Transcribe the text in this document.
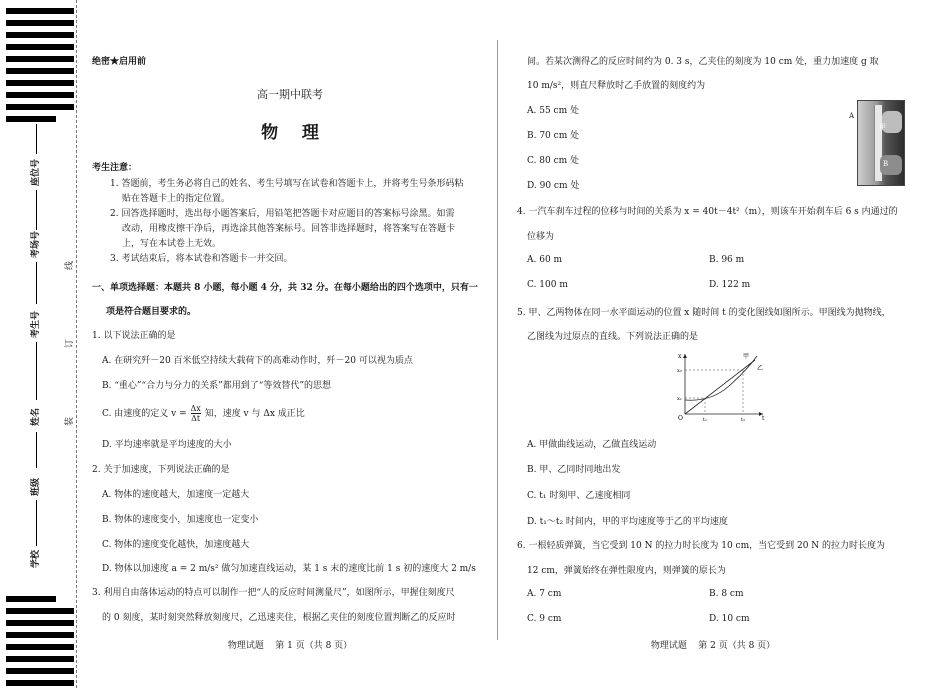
座位号
考场号
考生号
姓名
班级
学校
线
订
装
绝密★启用前
高一期中联考
物    理
考生注意：
1. 答题前，考生务必将自己的姓名、考生号填写在试卷和答题卡上，并将考生号条形码粘
贴在答题卡上的指定位置。
2. 回答选择题时，选出每小题答案后，用铅笔把答题卡对应题目的答案标号涂黑。如需
改动，用橡皮擦干净后，再选涂其他答案标号。回答非选择题时，将答案写在答题卡
上，写在本试卷上无效。
3. 考试结束后，将本试卷和答题卡一并交回。
一、单项选择题：本题共 8 小题，每小题 4 分，共 32 分。在每小题给出的四个选项中，只有一
项是符合题目要求的。
1. 以下说法正确的是
A. 在研究歼－20 百米低空持续大载荷下的高难动作时，歼－20 可以视为质点
B. “重心”“合力与分力的关系”都用到了“等效替代”的思想
C. 由速度的定义 $v = \frac{\Delta x}{\Delta t}$ 知，速度 v 与 Δx 成正比
D. 平均速率就是平均速度的大小
2. 关于加速度，下列说法正确的是
A. 物体的速度越大，加速度一定越大
B. 物体的速度变小，加速度也一定变小
C. 物体的速度变化越快，加速度越大
D. 物体以加速度 a = 2 m/s² 做匀加速直线运动，某 1 s 末的速度比前 1 s 初的速度大 2 m/s
3. 利用自由落体运动的特点可以制作一把“人的反应时间测量尺”，如图所示，甲握住刻度尺
的 0 刻度，某时刻突然释放刻度尺，乙迅速夹住，根据乙夹住的刻度位置判断乙的反应时
物理试题    第 1 页（共 8 页）
间。若某次测得乙的反应时间约为 0. 3 s，乙夹住的刻度为 10 cm 处，重力加速度 g 取
10 m/s²，则直尺释放时乙手放置的刻度约为
A. 55 cm 处
B. 70 cm 处
C. 80 cm 处
D. 90 cm 处
A
甲
B
4. 一汽车刹车过程的位移与时间的关系为 x = 40t－4t²（m），则该车开始刹车后 6 s 内通过的
位移为
A. 60 m	B. 96 m
C. 100 m	D. 122 m
5. 甲、乙两物体在同一水平面运动的位置 x 随时间 t 的变化图线如图所示。甲图线为抛物线，
乙图线为过原点的直线。下列说法正确的是
x
t
O
x₁
x₂
t₁	t₂
甲
乙
A. 甲做曲线运动，乙做直线运动
B. 甲、乙同时同地出发
C. t₁ 时刻甲、乙速度相同
D. t₁～t₂ 时间内，甲的平均速度等于乙的平均速度
6. 一根轻质弹簧，当它受到 10 N 的拉力时长度为 10 cm，当它受到 20 N 的拉力时长度为
12 cm，弹簧始终在弹性限度内，则弹簧的原长为
A. 7 cm	B. 8 cm
C. 9 cm	D. 10 cm
物理试题    第 2 页（共 8 页）
